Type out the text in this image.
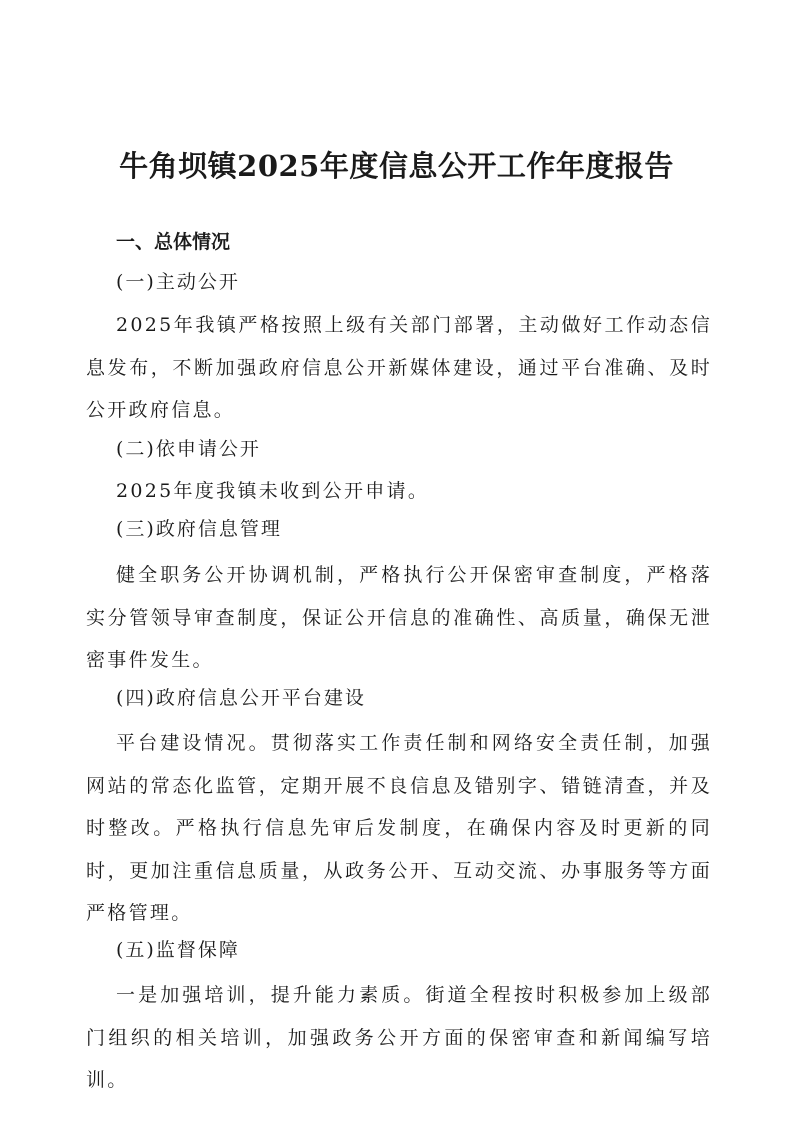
牛角坝镇2025年度信息公开工作年度报告
一、总体情况

(一)主动公开

2025年我镇严格按照上级有关部门部署，主动做好工作动态信息发布，不断加强政府信息公开新媒体建设，通过平台准确、及时公开政府信息。

(二)依申请公开

2025年度我镇未收到公开申请。

(三)政府信息管理

健全职务公开协调机制，严格执行公开保密审查制度，严格落实分管领导审查制度，保证公开信息的准确性、高质量，确保无泄密事件发生。

(四)政府信息公开平台建设

平台建设情况。贯彻落实工作责任制和网络安全责任制，加强网站的常态化监管，定期开展不良信息及错别字、错链清查，并及时整改。严格执行信息先审后发制度，在确保内容及时更新的同时，更加注重信息质量，从政务公开、互动交流、办事服务等方面严格管理。

(五)监督保障

一是加强培训，提升能力素质。街道全程按时积极参加上级部门组织的相关培训，加强政务公开方面的保密审查和新闻编写培训。
